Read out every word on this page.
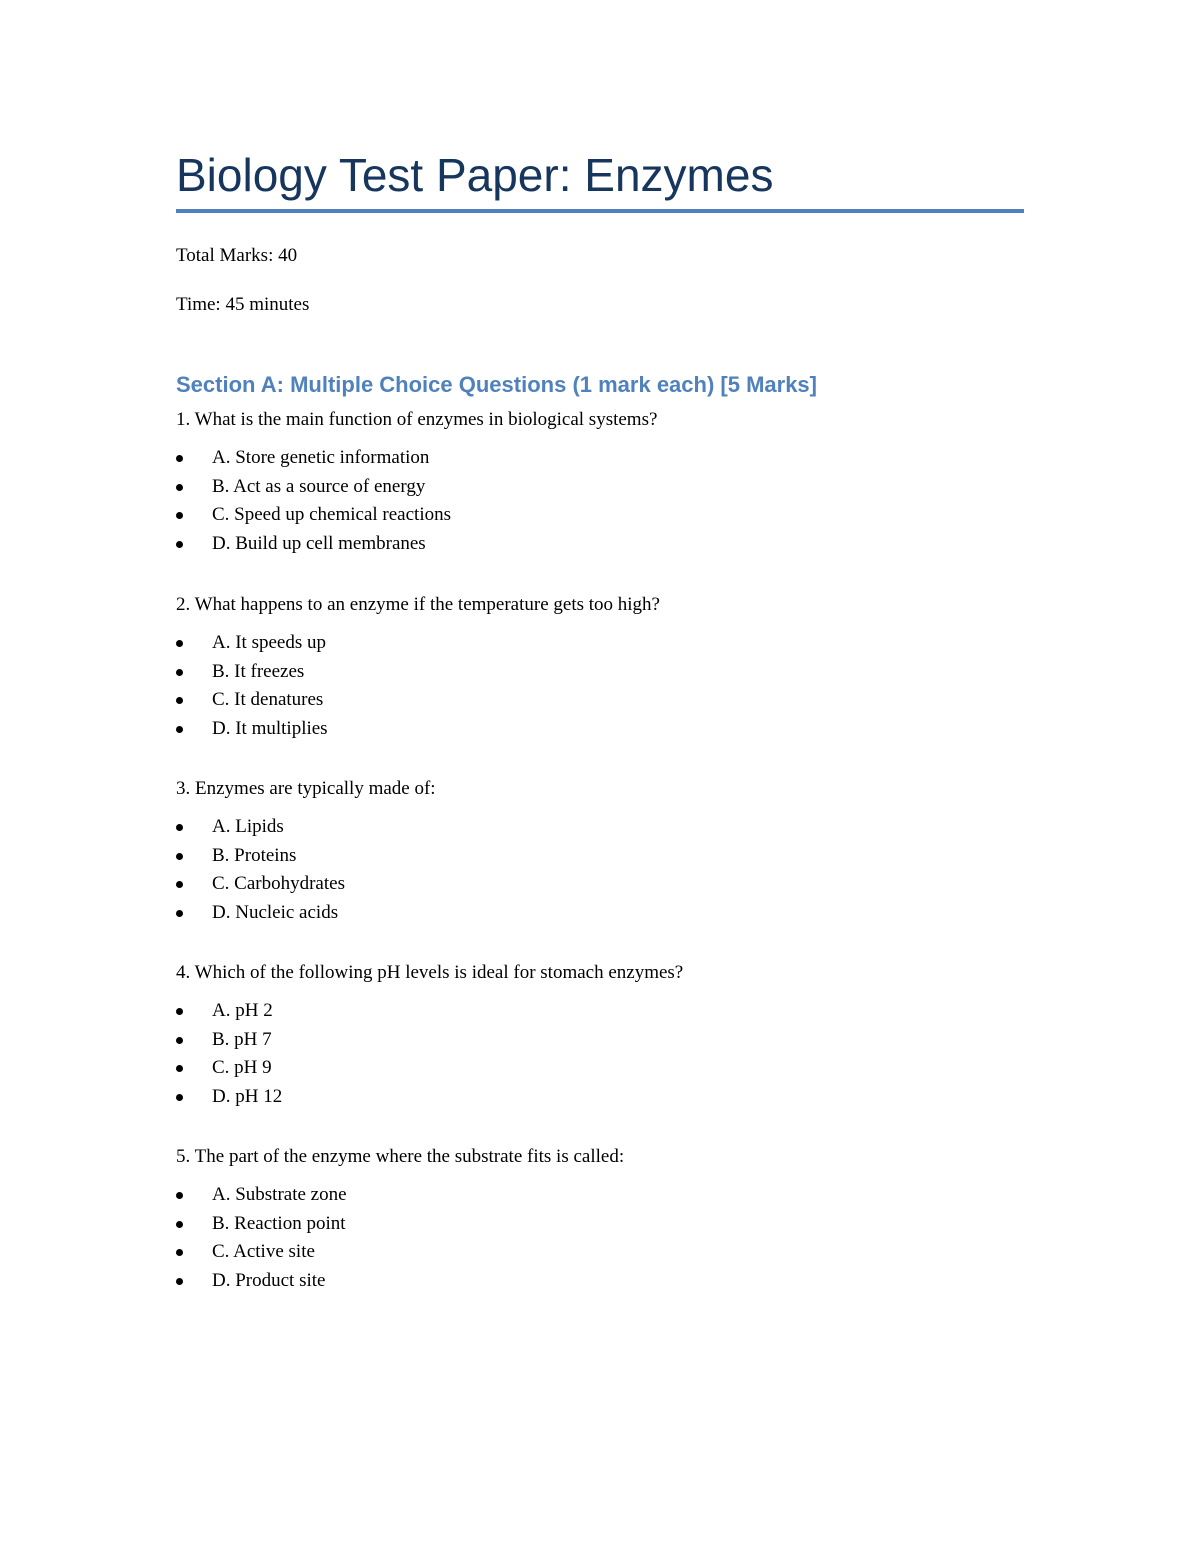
Biology Test Paper: Enzymes

Total Marks: 40

Time: 45 minutes

Section A: Multiple Choice Questions (1 mark each) [5 Marks]

1. What is the main function of enzymes in biological systems?

A. Store genetic information
B. Act as a source of energy
C. Speed up chemical reactions
D. Build up cell membranes

2. What happens to an enzyme if the temperature gets too high?

A. It speeds up
B. It freezes
C. It denatures
D. It multiplies

3. Enzymes are typically made of:

A. Lipids
B. Proteins
C. Carbohydrates
D. Nucleic acids

4. Which of the following pH levels is ideal for stomach enzymes?

A. pH 2
B. pH 7
C. pH 9
D. pH 12

5. The part of the enzyme where the substrate fits is called:

A. Substrate zone
B. Reaction point
C. Active site
D. Product site
